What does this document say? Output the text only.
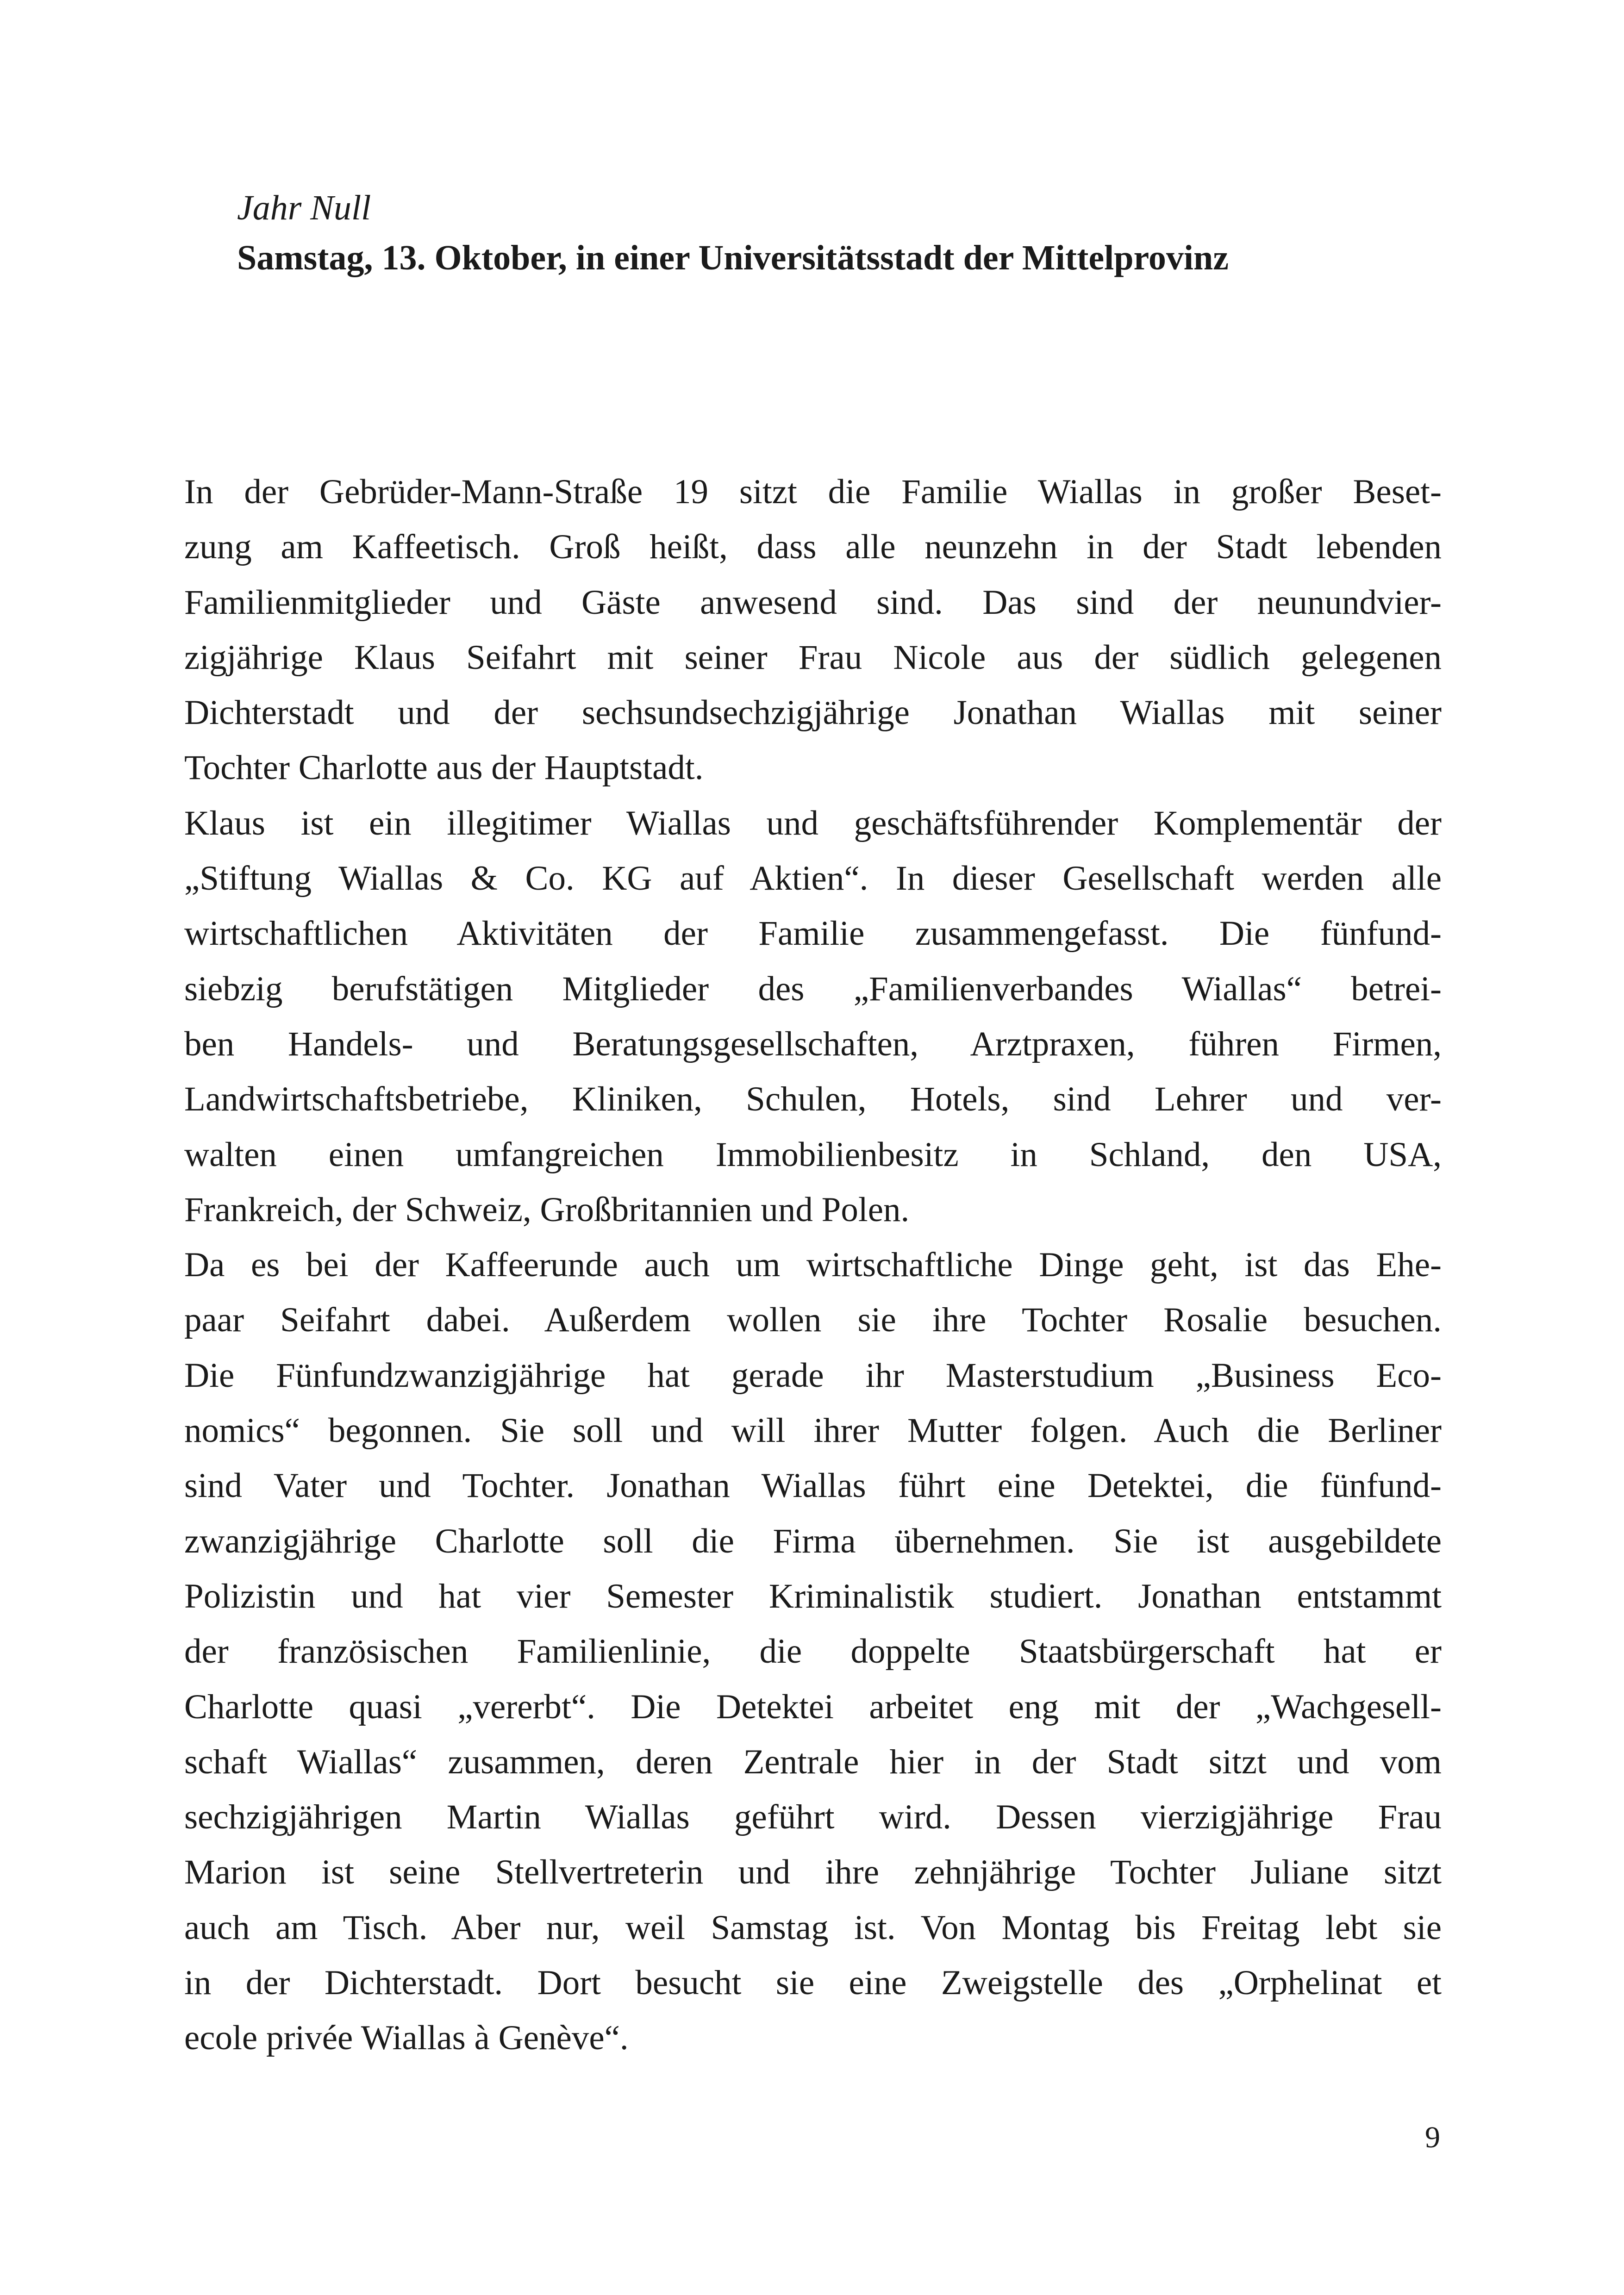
Jahr Null

Samstag, 13. Oktober, in einer Universitätsstadt der Mittelprovinz

In der Gebrüder-Mann-Straße 19 sitzt die Familie Wiallas in großer Beset-
zung am Kaffeetisch. Groß heißt, dass alle neunzehn in der Stadt lebenden
Familienmitglieder und Gäste anwesend sind. Das sind der neunundvier-
zigjährige Klaus Seifahrt mit seiner Frau Nicole aus der südlich gelegenen
Dichterstadt und der sechsundsechzigjährige Jonathan Wiallas mit seiner
Tochter Charlotte aus der Hauptstadt.

Klaus ist ein illegitimer Wiallas und geschäftsführender Komplementär der
„Stiftung Wiallas & Co. KG auf Aktien“. In dieser Gesellschaft werden alle
wirtschaftlichen Aktivitäten der Familie zusammengefasst. Die fünfund-
siebzig berufstätigen Mitglieder des „Familienverbandes Wiallas“ betrei-
ben Handels- und Beratungsgesellschaften, Arztpraxen, führen Firmen,
Landwirtschaftsbetriebe, Kliniken, Schulen, Hotels, sind Lehrer und ver-
walten einen umfangreichen Immobilienbesitz in Schland, den USA,
Frankreich, der Schweiz, Großbritannien und Polen.

Da es bei der Kaffeerunde auch um wirtschaftliche Dinge geht, ist das Ehe-
paar Seifahrt dabei. Außerdem wollen sie ihre Tochter Rosalie besuchen.
Die Fünfundzwanzigjährige hat gerade ihr Masterstudium „Business Eco-
nomics“ begonnen. Sie soll und will ihrer Mutter folgen. Auch die Berliner
sind Vater und Tochter. Jonathan Wiallas führt eine Detektei, die fünfund-
zwanzigjährige Charlotte soll die Firma übernehmen. Sie ist ausgebildete
Polizistin und hat vier Semester Kriminalistik studiert. Jonathan entstammt
der französischen Familienlinie, die doppelte Staatsbürgerschaft hat er
Charlotte quasi „vererbt“. Die Detektei arbeitet eng mit der „Wachgesell-
schaft Wiallas“ zusammen, deren Zentrale hier in der Stadt sitzt und vom
sechzigjährigen Martin Wiallas geführt wird. Dessen vierzigjährige Frau
Marion ist seine Stellvertreterin und ihre zehnjährige Tochter Juliane sitzt
auch am Tisch. Aber nur, weil Samstag ist. Von Montag bis Freitag lebt sie
in der Dichterstadt. Dort besucht sie eine Zweigstelle des „Orphelinat et
ecole privée Wiallas à Genève“.

9
